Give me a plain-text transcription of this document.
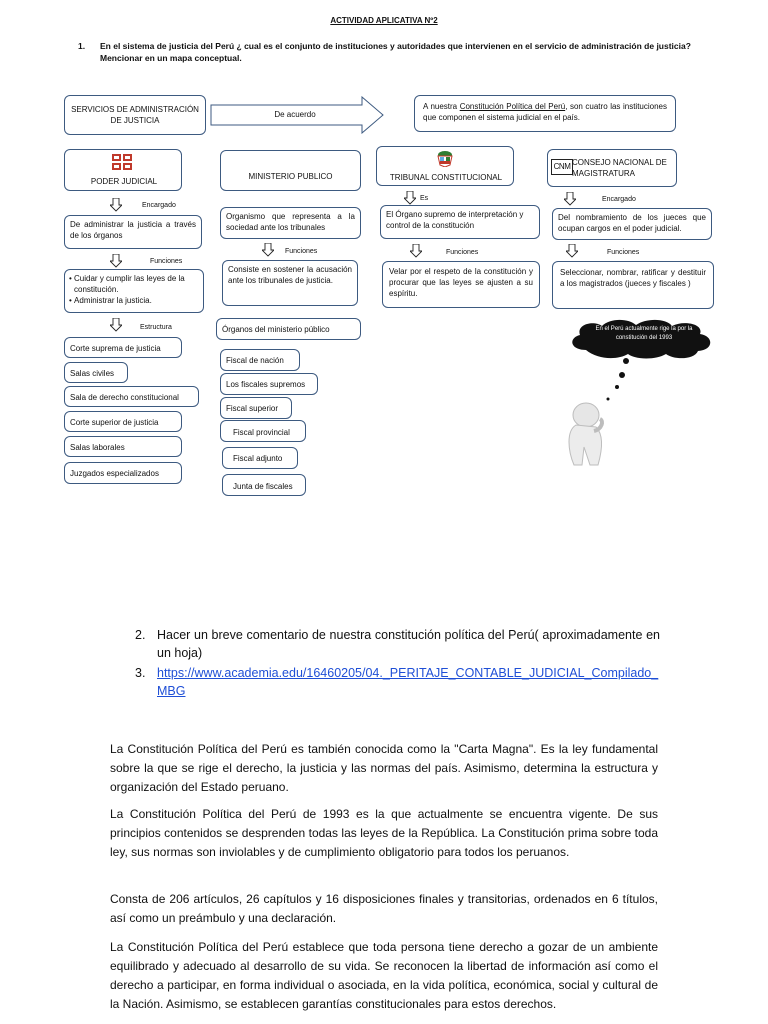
ACTIVIDAD APLICATIVA Nº2
1. En el sistema de justicia del Perú ¿ cual es el conjunto de instituciones y autoridades que intervienen en el servicio de administración de justicia? Mencionar en un mapa conceptual.
SERVICIOS DE ADMINISTRACIÓN DE JUSTICIA
De acuerdo
A nuestra Constitución Política del Perú, son cuatro las instituciones que componen el sistema judicial en el país.
PODER JUDICIAL
Encargado
De administrar la justicia a través de los órganos
Funciones
• Cuidar y cumplir las leyes de la constitución.
• Administrar la justicia.
Estructura
Corte suprema de justicia
Salas civiles
Sala de derecho constitucional
Corte superior de justicia
Salas laborales
Juzgados especializados
MINISTERIO PUBLICO
Organismo que representa a la sociedad ante los tribunales
Funciones
Consiste en sostener la acusación ante los tribunales de justicia.
Órganos del ministerio público
Fiscal de nación
Los fiscales supremos
Fiscal superior
Fiscal provincial
Fiscal adjunto
Junta de fiscales
TRIBUNAL CONSTITUCIONAL
Es
El Órgano supremo de interpretación y control de la constitución
Funciones
Velar por el respeto de la constitución y procurar que las leyes se ajusten a su espíritu.
CNM CONSEJO NACIONAL DE MAGISTRATURA
Encargado
Del nombramiento de los jueces que ocupan cargos en el poder judicial.
Funciones
Seleccionar, nombrar, ratificar y destituir a los magistrados (jueces y fiscales )
En el Perú actualmente rige la por la constitución del 1993
2. Hacer un breve comentario de nuestra constitución política del Perú( aproximadamente en un hoja)
3. https://www.academia.edu/16460205/04._PERITAJE_CONTABLE_JUDICIAL_Compilado_MBG

La Constitución Política del Perú es también conocida como la "Carta Magna". Es la ley fundamental sobre la que se rige el derecho, la justicia y las normas del país. Asimismo, determina la estructura y organización del Estado peruano.

La Constitución Política del Perú de 1993 es la que actualmente se encuentra vigente. De sus principios contenidos se desprenden todas las leyes de la República. La Constitución prima sobre toda ley, sus normas son inviolables y de cumplimiento obligatorio para todos los peruanos.

Consta de 206 artículos, 26 capítulos y 16 disposiciones finales y transitorias, ordenados en 6 títulos, así como un preámbulo y una declaración.

La Constitución Política del Perú establece que toda persona tiene derecho a gozar de un ambiente equilibrado y adecuado al desarrollo de su vida. Se reconocen la libertad de información así como el derecho a participar, en forma individual o asociada, en la vida política, económica, social y cultural de la Nación. Asimismo, se establecen garantías constitucionales para estos derechos.
